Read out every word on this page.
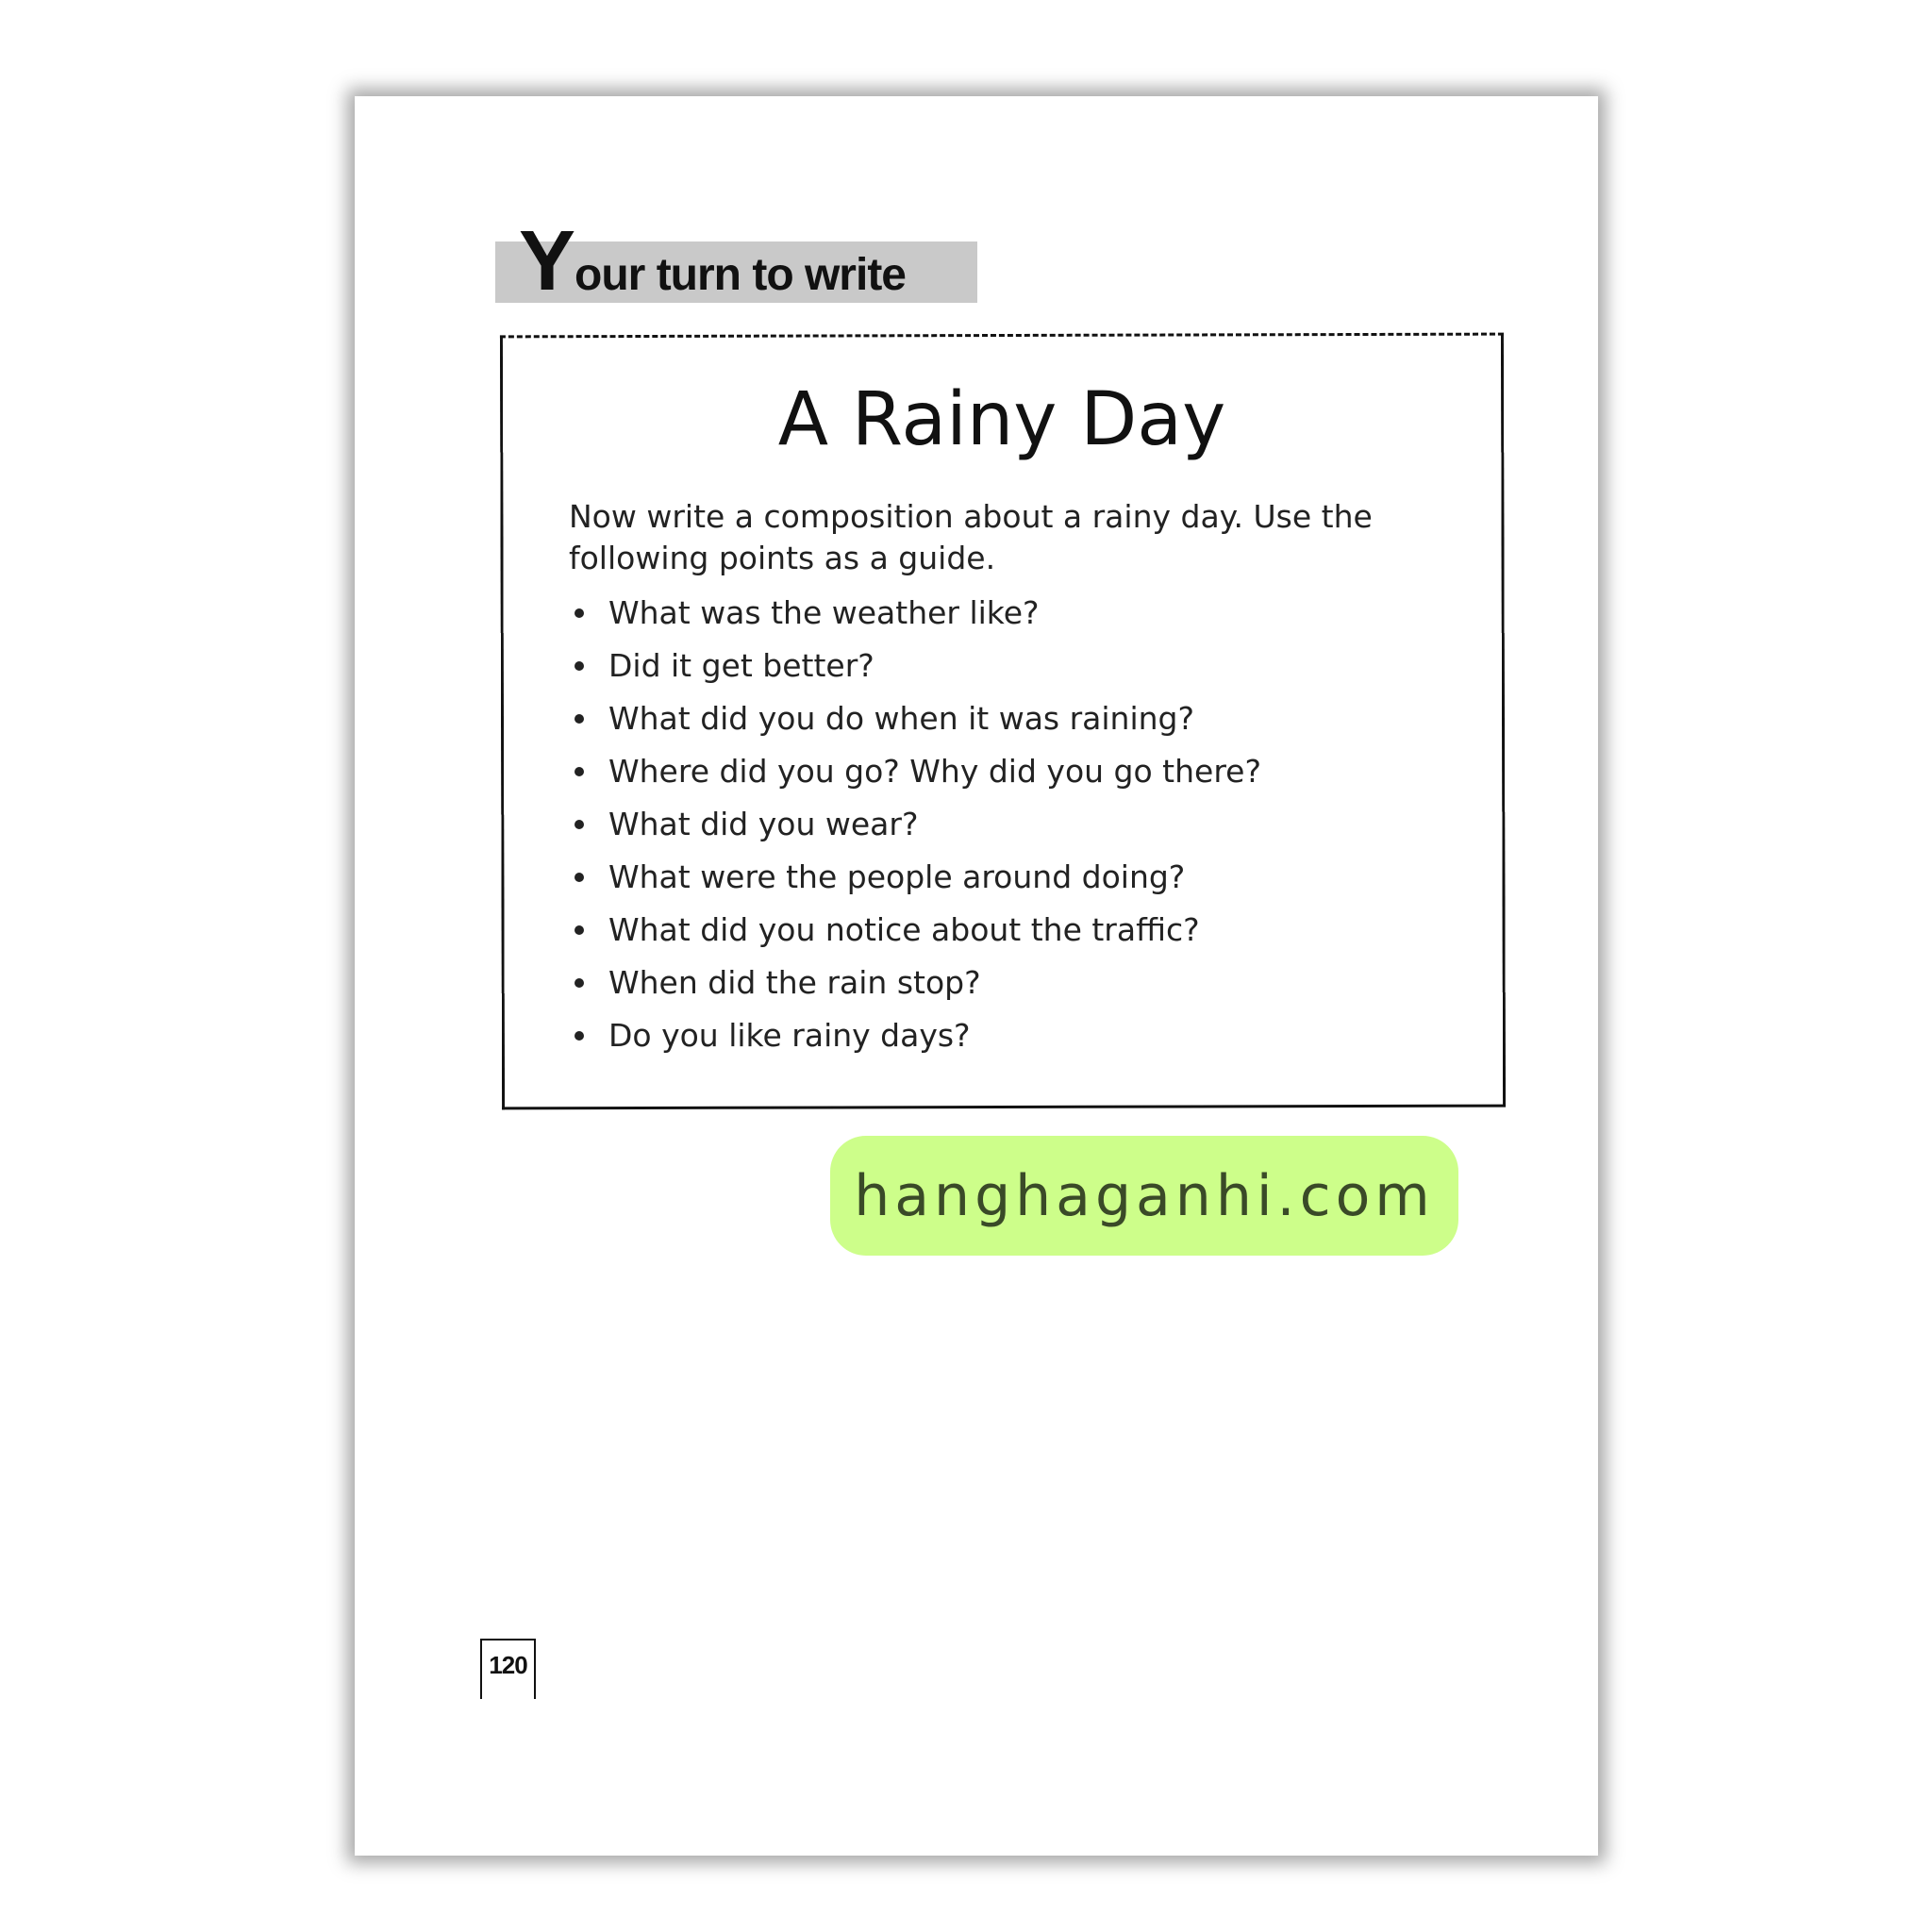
Your turn to write
A Rainy Day
Now write a composition about a rainy day. Use the following points as a guide.
What was the weather like?
Did it get better?
What did you do when it was raining?
Where did you go? Why did you go there?
What did you wear?
What were the people around doing?
What did you notice about the traffic?
When did the rain stop?
Do you like rainy days?
hanghaganhi.com
120
